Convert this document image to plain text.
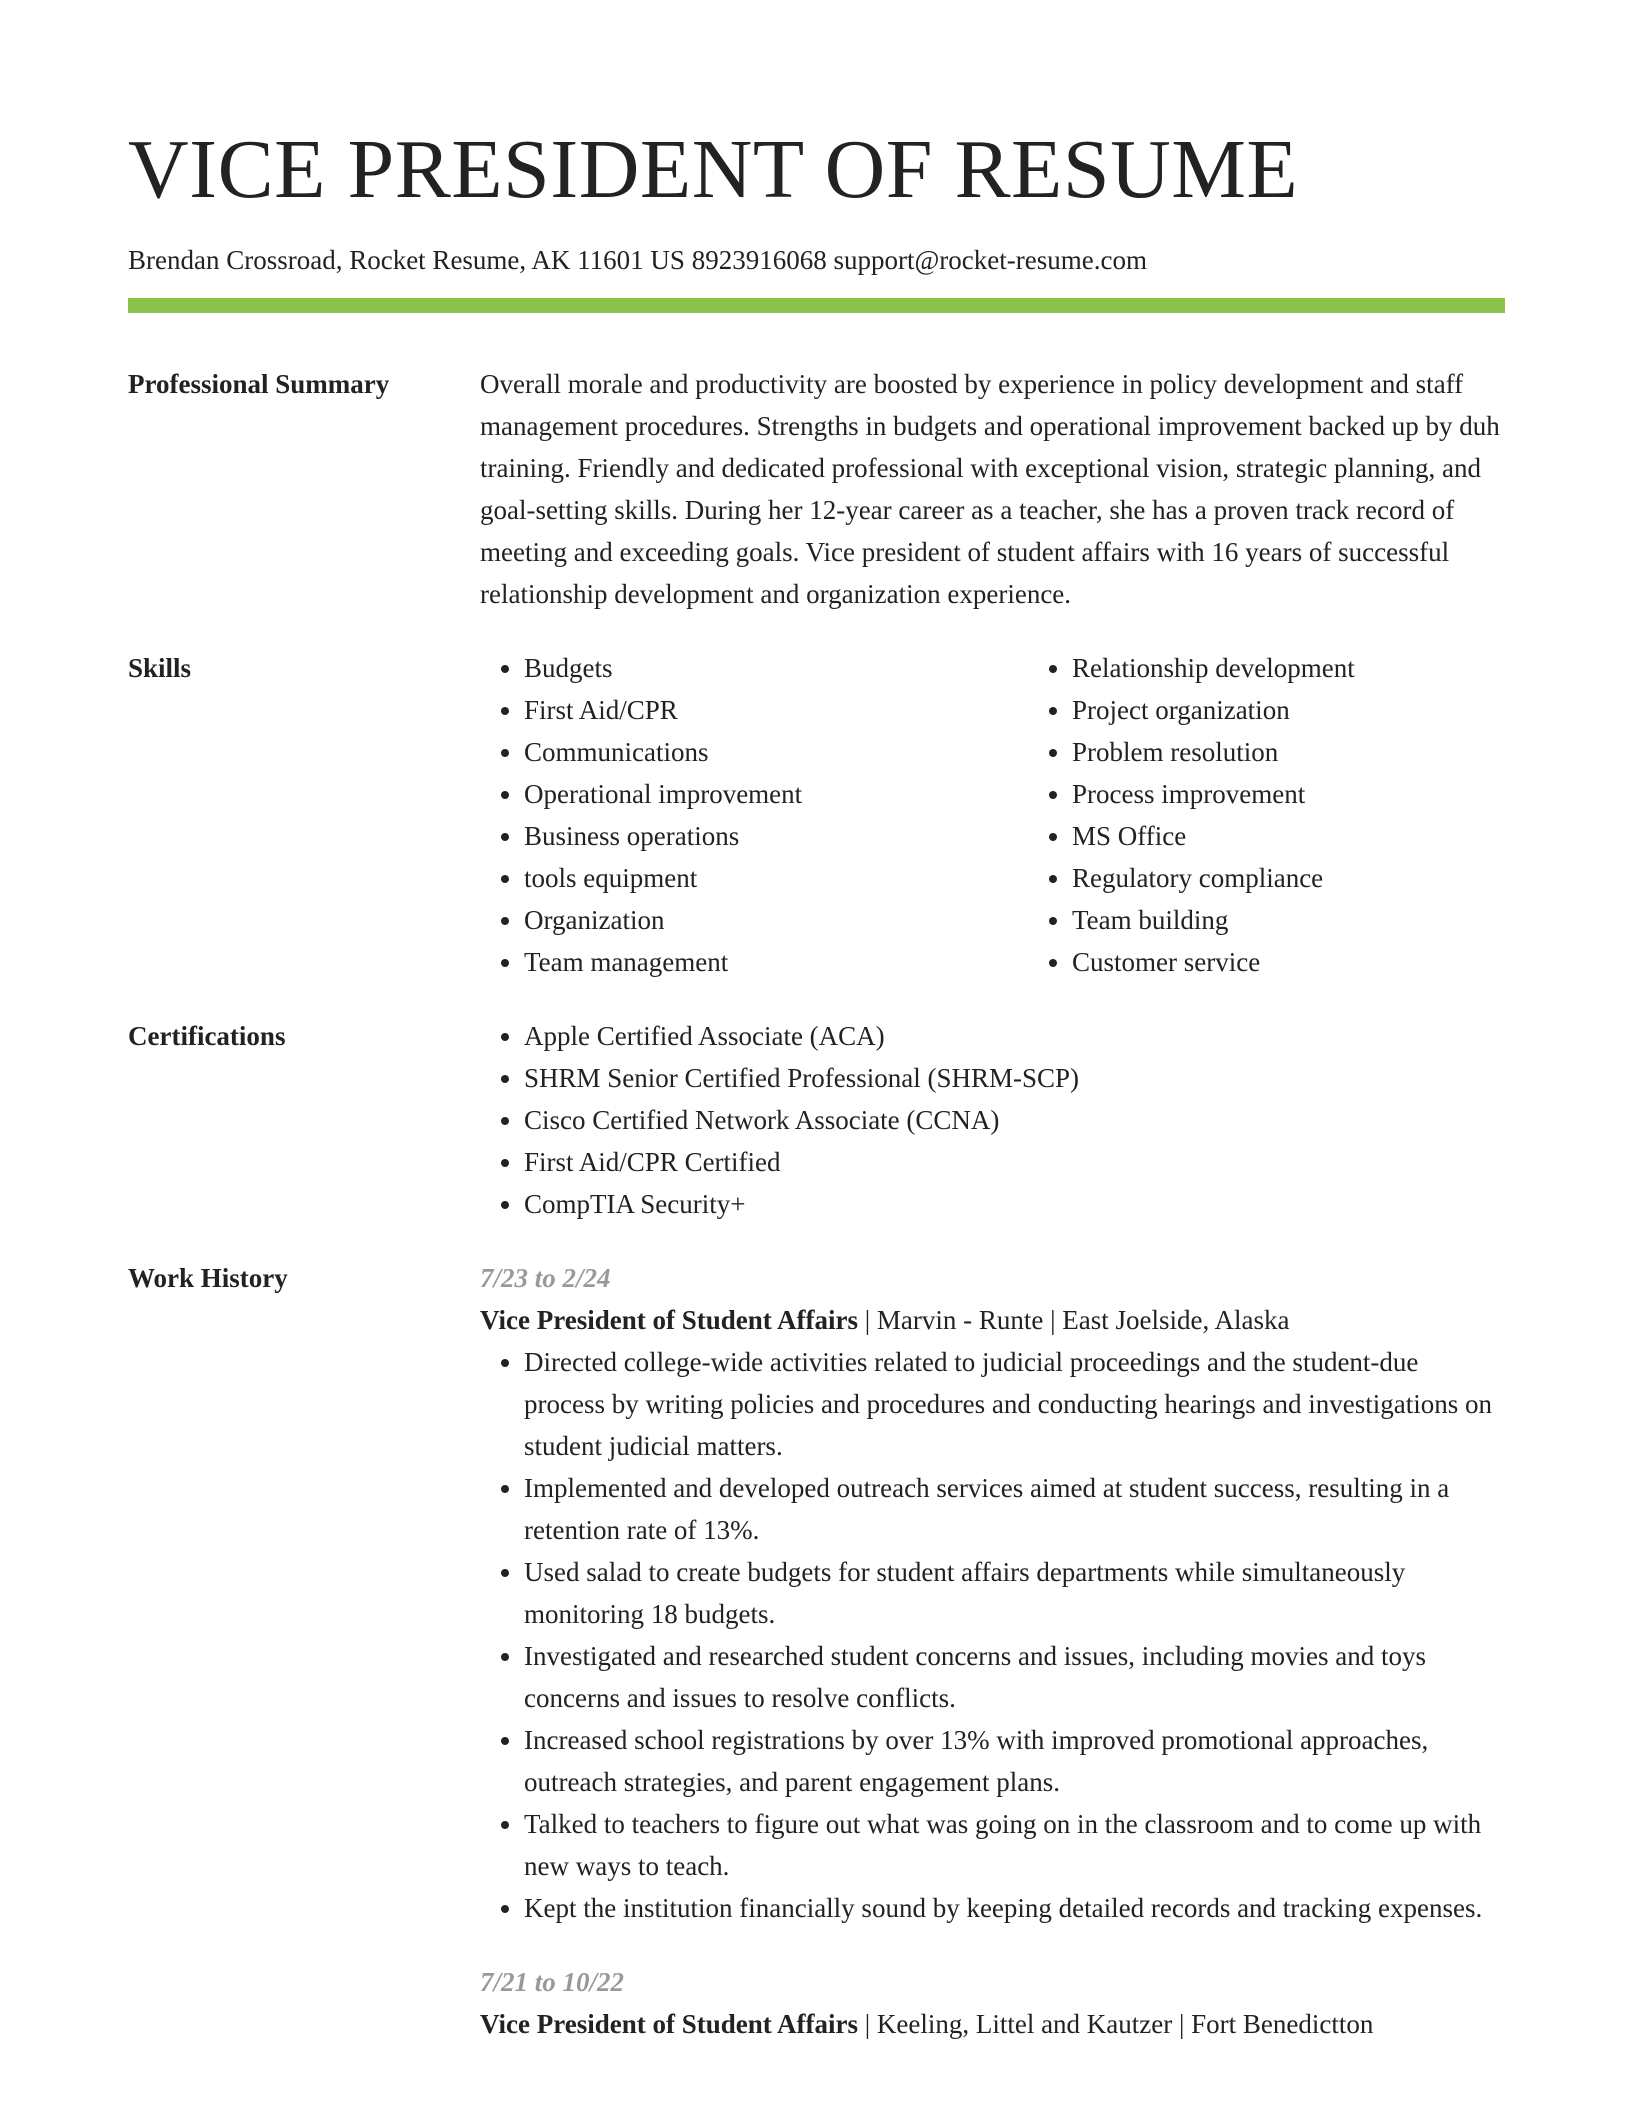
VICE PRESIDENT OF RESUME
Brendan Crossroad, Rocket Resume, AK 11601 US 8923916068 support@rocket-resume.com
Professional Summary	Overall morale and productivity are boosted by experience in policy development and staff management procedures. Strengths in budgets and operational improvement backed up by duh training. Friendly and dedicated professional with exceptional vision, strategic planning, and goal-setting skills. During her 12-year career as a teacher, she has a proven track record of meeting and exceeding goals. Vice president of student affairs with 16 years of successful relationship development and organization experience.
Skills	• Budgets
• First Aid/CPR
• Communications
• Operational improvement
• Business operations
• tools equipment
• Organization
• Team management
• Relationship development
• Project organization
• Problem resolution
• Process improvement
• MS Office
• Regulatory compliance
• Team building
• Customer service
Certifications	• Apple Certified Associate (ACA)
• SHRM Senior Certified Professional (SHRM-SCP)
• Cisco Certified Network Associate (CCNA)
• First Aid/CPR Certified
• CompTIA Security+
Work History	7/23 to 2/24
Vice President of Student Affairs | Marvin - Runte | East Joelside, Alaska
• Directed college-wide activities related to judicial proceedings and the student-due process by writing policies and procedures and conducting hearings and investigations on student judicial matters.
• Implemented and developed outreach services aimed at student success, resulting in a retention rate of 13%.
• Used salad to create budgets for student affairs departments while simultaneously monitoring 18 budgets.
• Investigated and researched student concerns and issues, including movies and toys concerns and issues to resolve conflicts.
• Increased school registrations by over 13% with improved promotional approaches, outreach strategies, and parent engagement plans.
• Talked to teachers to figure out what was going on in the classroom and to come up with new ways to teach.
• Kept the institution financially sound by keeping detailed records and tracking expenses.
7/21 to 10/22
Vice President of Student Affairs | Keeling, Littel and Kautzer | Fort Benedictton
